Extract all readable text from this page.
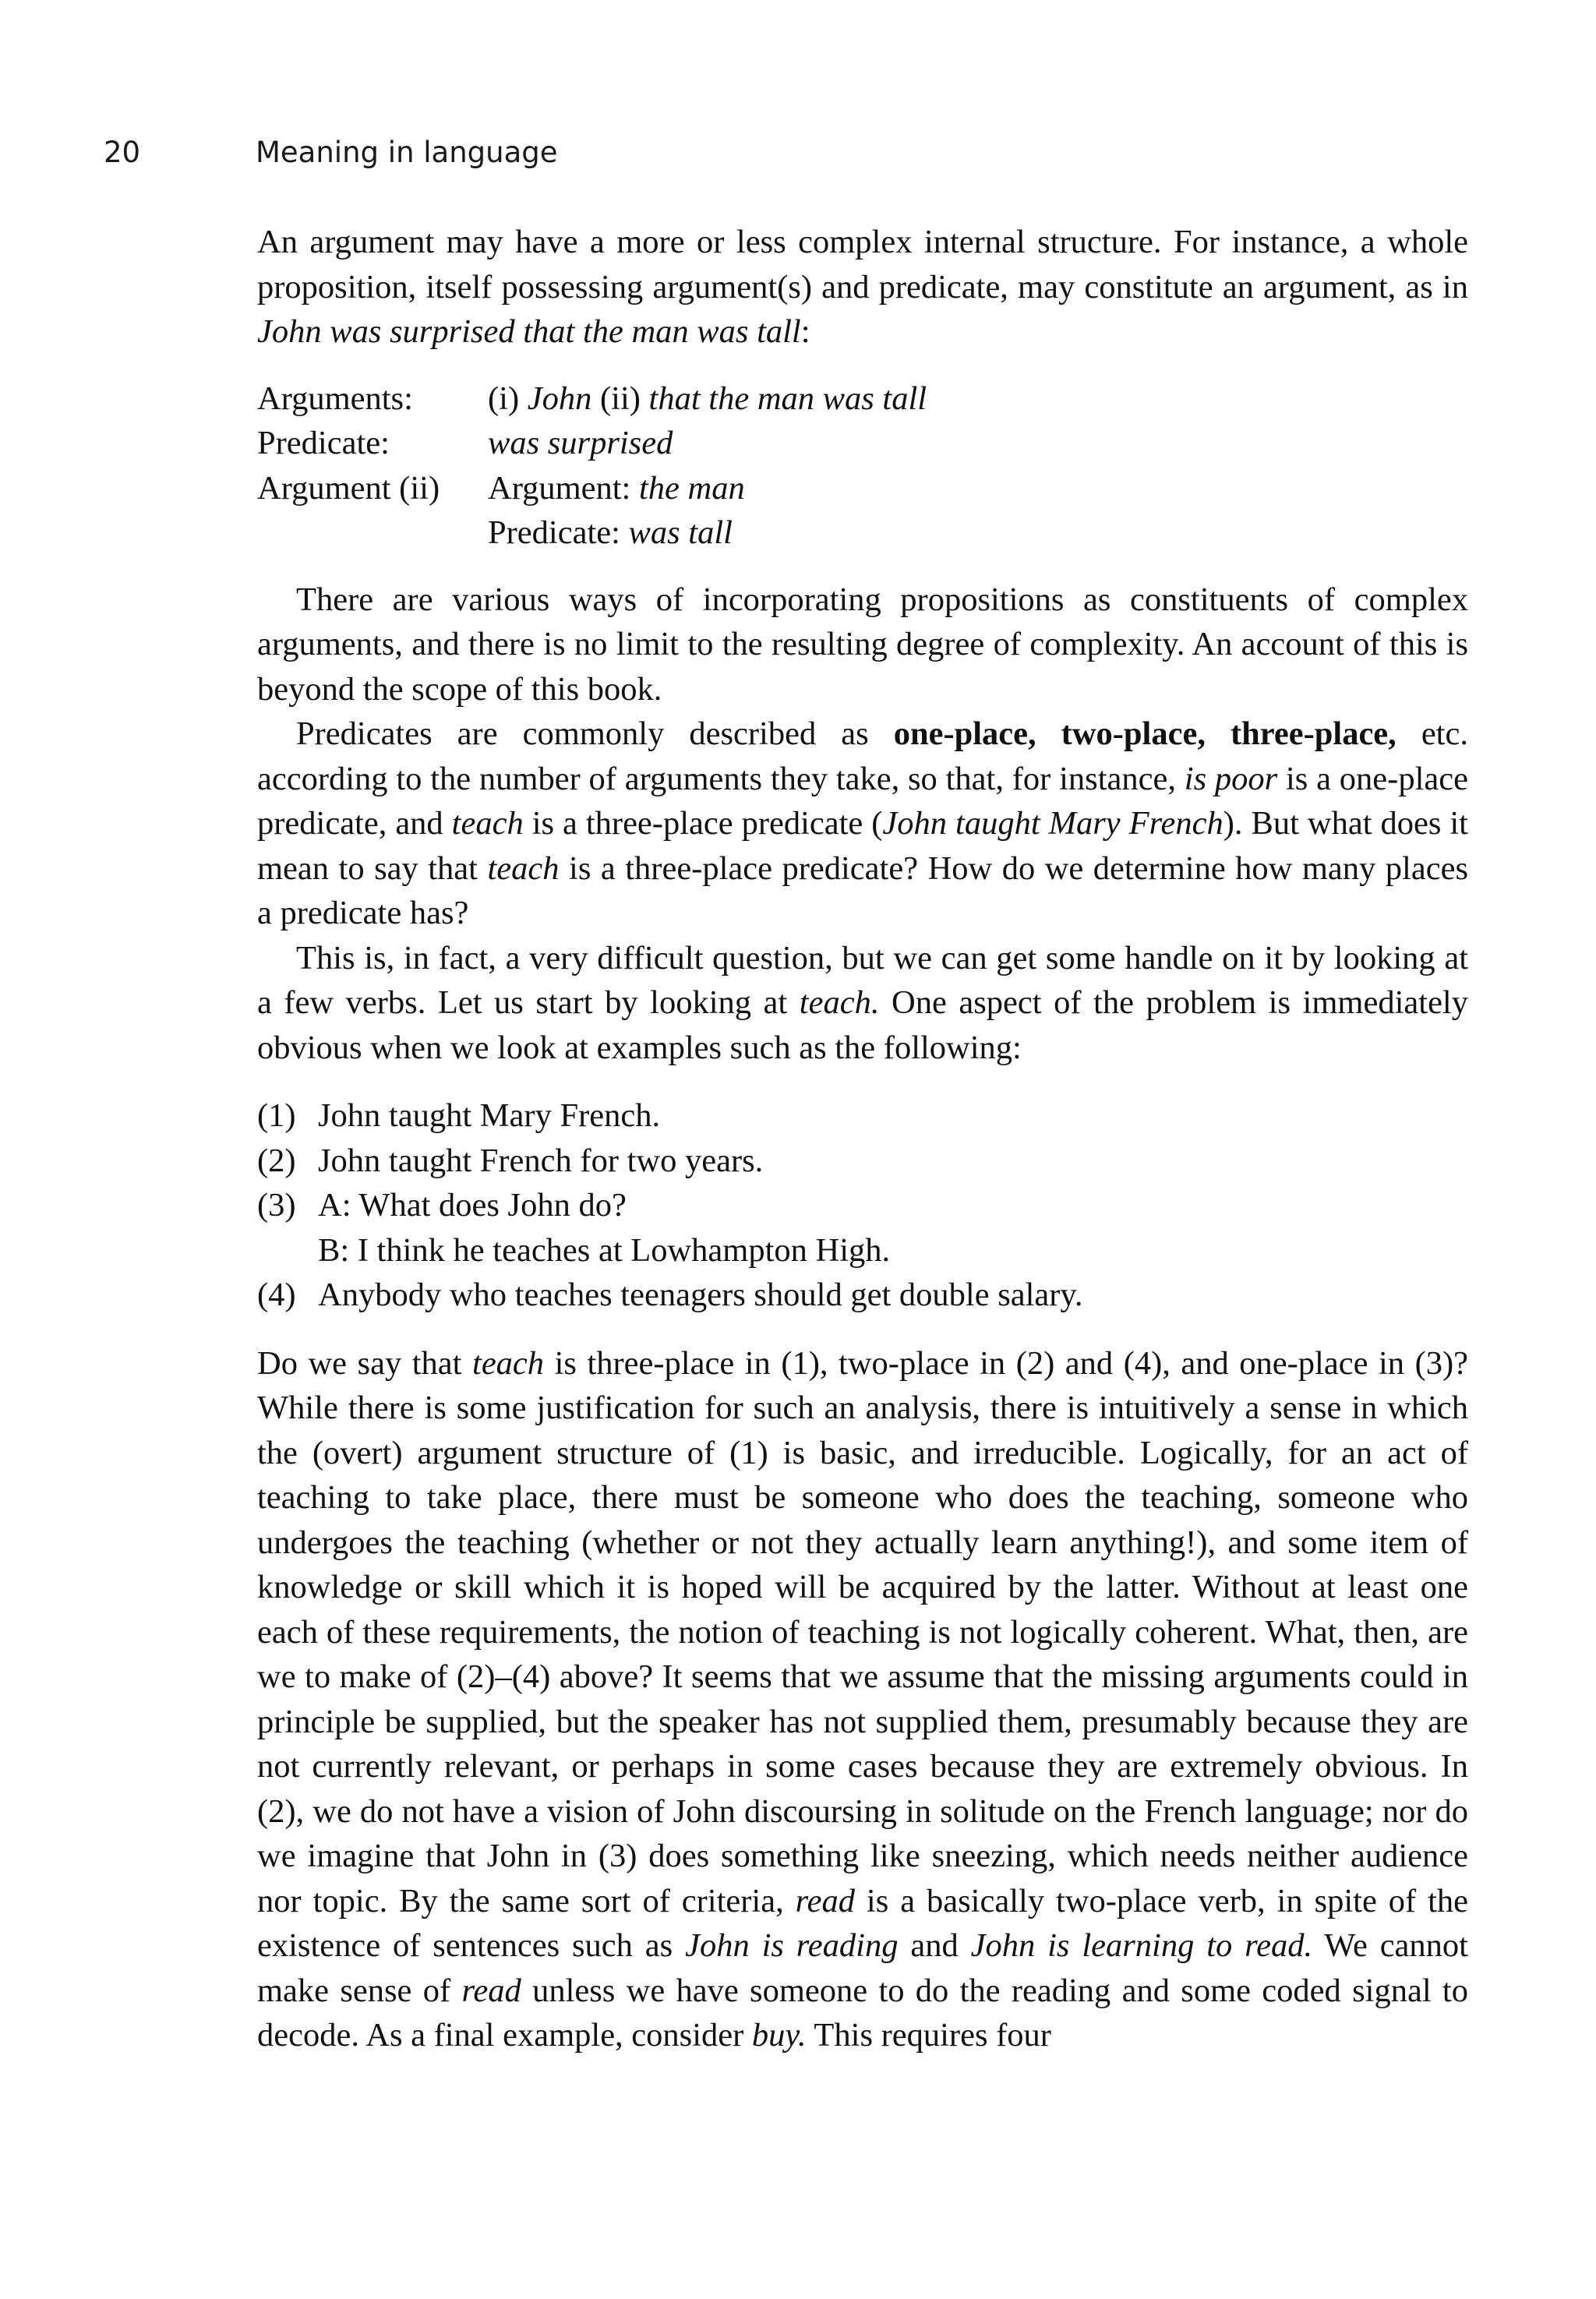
20	Meaning in language

An argument may have a more or less complex internal structure. For instance, a whole proposition, itself possessing argument(s) and predicate, may constitute an argument, as in John was surprised that the man was tall:

Arguments:	(i) John (ii) that the man was tall
Predicate:	was surprised
Argument (ii)	Argument: the man
Predicate: was tall

There are various ways of incorporating propositions as constituents of complex arguments, and there is no limit to the resulting degree of complexity. An account of this is beyond the scope of this book.

Predicates are commonly described as one-place, two-place, three-place, etc. according to the number of arguments they take, so that, for instance, is poor is a one-place predicate, and teach is a three-place predicate (John taught Mary French). But what does it mean to say that teach is a three-place predicate? How do we determine how many places a predicate has?

This is, in fact, a very difficult question, but we can get some handle on it by looking at a few verbs. Let us start by looking at teach. One aspect of the problem is immediately obvious when we look at examples such as the following:

(1) John taught Mary French.
(2) John taught French for two years.
(3) A: What does John do?
B: I think he teaches at Lowhampton High.
(4) Anybody who teaches teenagers should get double salary.

Do we say that teach is three-place in (1), two-place in (2) and (4), and one-place in (3)? While there is some justification for such an analysis, there is intuitively a sense in which the (overt) argument structure of (1) is basic, and irreducible. Logically, for an act of teaching to take place, there must be someone who does the teaching, someone who undergoes the teaching (whether or not they actually learn anything!), and some item of knowledge or skill which it is hoped will be acquired by the latter. Without at least one each of these requirements, the notion of teaching is not logically coherent. What, then, are we to make of (2)–(4) above? It seems that we assume that the missing arguments could in principle be supplied, but the speaker has not supplied them, presumably because they are not currently relevant, or perhaps in some cases because they are extremely obvious. In (2), we do not have a vision of John discoursing in solitude on the French language; nor do we imagine that John in (3) does something like sneezing, which needs neither audience nor topic. By the same sort of criteria, read is a basically two-place verb, in spite of the existence of sentences such as John is reading and John is learning to read. We cannot make sense of read unless we have someone to do the reading and some coded signal to decode. As a final example, consider buy. This requires four
